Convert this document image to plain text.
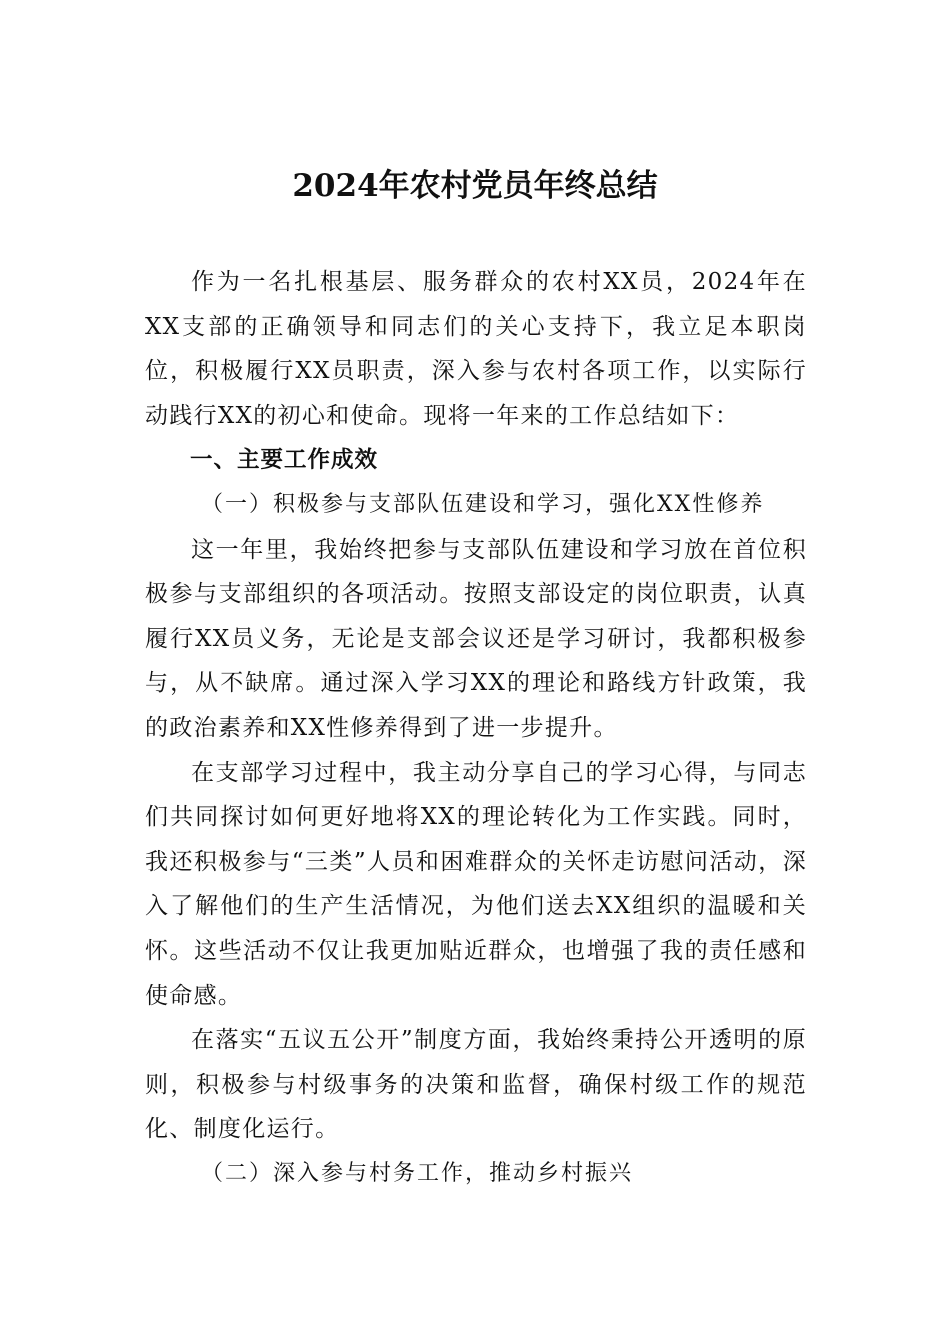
2024年农村党员年终总结

作为一名扎根基层、服务群众的农村XX员，2024年在XX支部的正确领导和同志们的关心支持下，我立足本职岗位，积极履行XX员职责，深入参与农村各项工作，以实际行动践行XX的初心和使命。现将一年来的工作总结如下：

一、主要工作成效

（一）积极参与支部队伍建设和学习，强化XX性修养

这一年里，我始终把参与支部队伍建设和学习放在首位积极参与支部组织的各项活动。按照支部设定的岗位职责，认真履行XX员义务，无论是支部会议还是学习研讨，我都积极参与，从不缺席。通过深入学习XX的理论和路线方针政策，我的政治素养和XX性修养得到了进一步提升。

在支部学习过程中，我主动分享自己的学习心得，与同志们共同探讨如何更好地将XX的理论转化为工作实践。同时，我还积极参与“三类”人员和困难群众的关怀走访慰问活动，深入了解他们的生产生活情况，为他们送去XX组织的温暖和关怀。这些活动不仅让我更加贴近群众，也增强了我的责任感和使命感。

在落实“五议五公开”制度方面，我始终秉持公开透明的原则，积极参与村级事务的决策和监督，确保村级工作的规范化、制度化运行。

（二）深入参与村务工作，推动乡村振兴
